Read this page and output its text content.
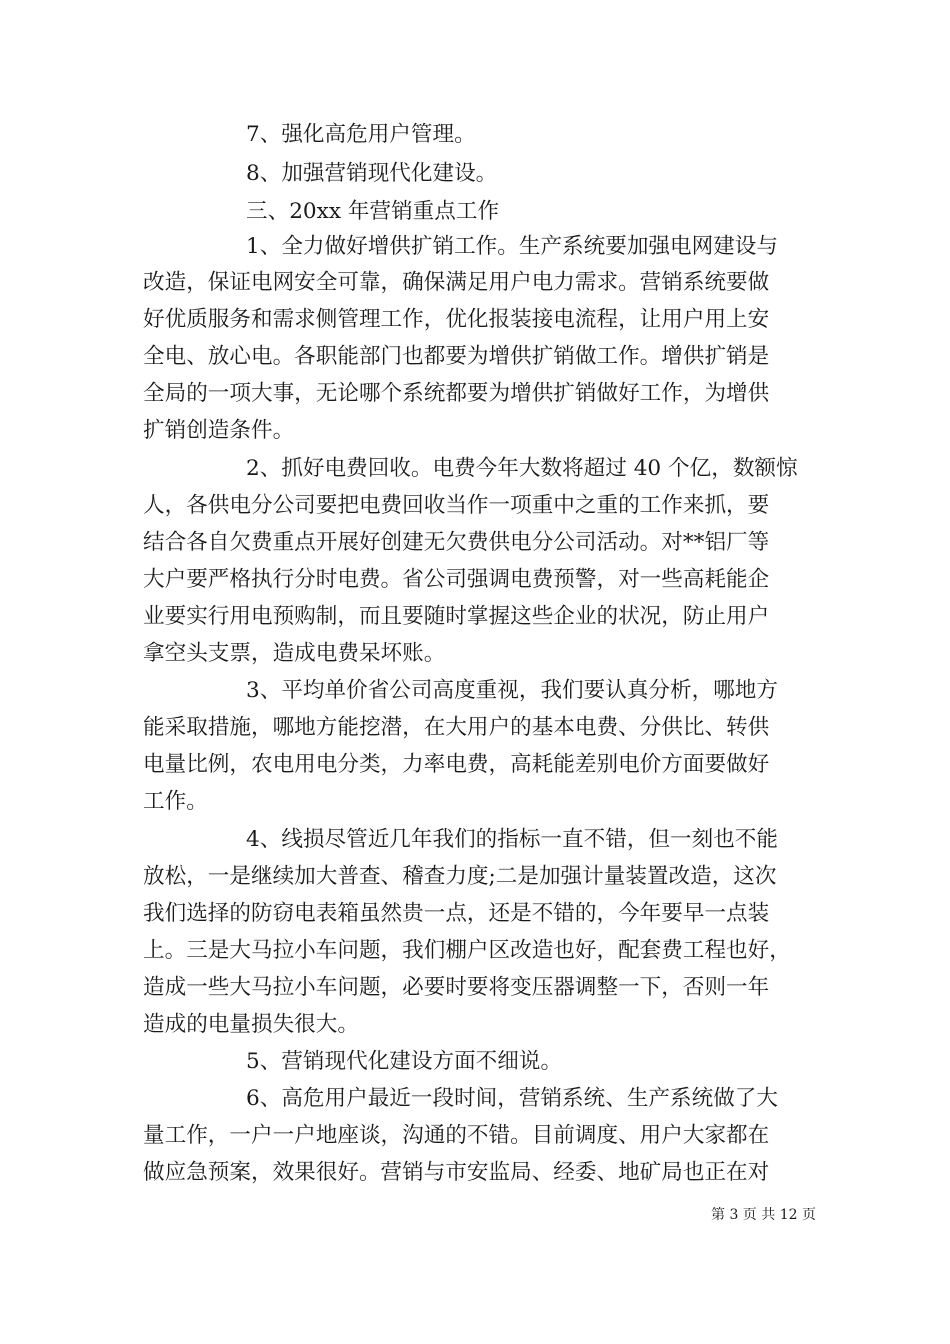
7、强化高危用户管理。
8、加强营销现代化建设。
三、20xx 年营销重点工作
1、全力做好增供扩销工作。生产系统要加强电网建设与
改造，保证电网安全可靠，确保满足用户电力需求。营销系统要做
好优质服务和需求侧管理工作，优化报装接电流程，让用户用上安
全电、放心电。各职能部门也都要为增供扩销做工作。增供扩销是
全局的一项大事，无论哪个系统都要为增供扩销做好工作，为增供
扩销创造条件。
2、抓好电费回收。电费今年大数将超过 40 个亿，数额惊
人，各供电分公司要把电费回收当作一项重中之重的工作来抓，要
结合各自欠费重点开展好创建无欠费供电分公司活动。对**铝厂等
大户要严格执行分时电费。省公司强调电费预警，对一些高耗能企
业要实行用电预购制，而且要随时掌握这些企业的状况，防止用户
拿空头支票，造成电费呆坏账。
3、平均单价省公司高度重视，我们要认真分析，哪地方
能采取措施，哪地方能挖潜，在大用户的基本电费、分供比、转供
电量比例，农电用电分类，力率电费，高耗能差别电价方面要做好
工作。
4、线损尽管近几年我们的指标一直不错，但一刻也不能
放松，一是继续加大普查、稽查力度;二是加强计量装置改造，这次
我们选择的防窃电表箱虽然贵一点，还是不错的，今年要早一点装
上。三是大马拉小车问题，我们棚户区改造也好，配套费工程也好，
造成一些大马拉小车问题，必要时要将变压器调整一下，否则一年
造成的电量损失很大。
5、营销现代化建设方面不细说。
6、高危用户最近一段时间，营销系统、生产系统做了大
量工作，一户一户地座谈，沟通的不错。目前调度、用户大家都在
做应急预案，效果很好。营销与市安监局、经委、地矿局也正在对
第 3 页 共 12 页
